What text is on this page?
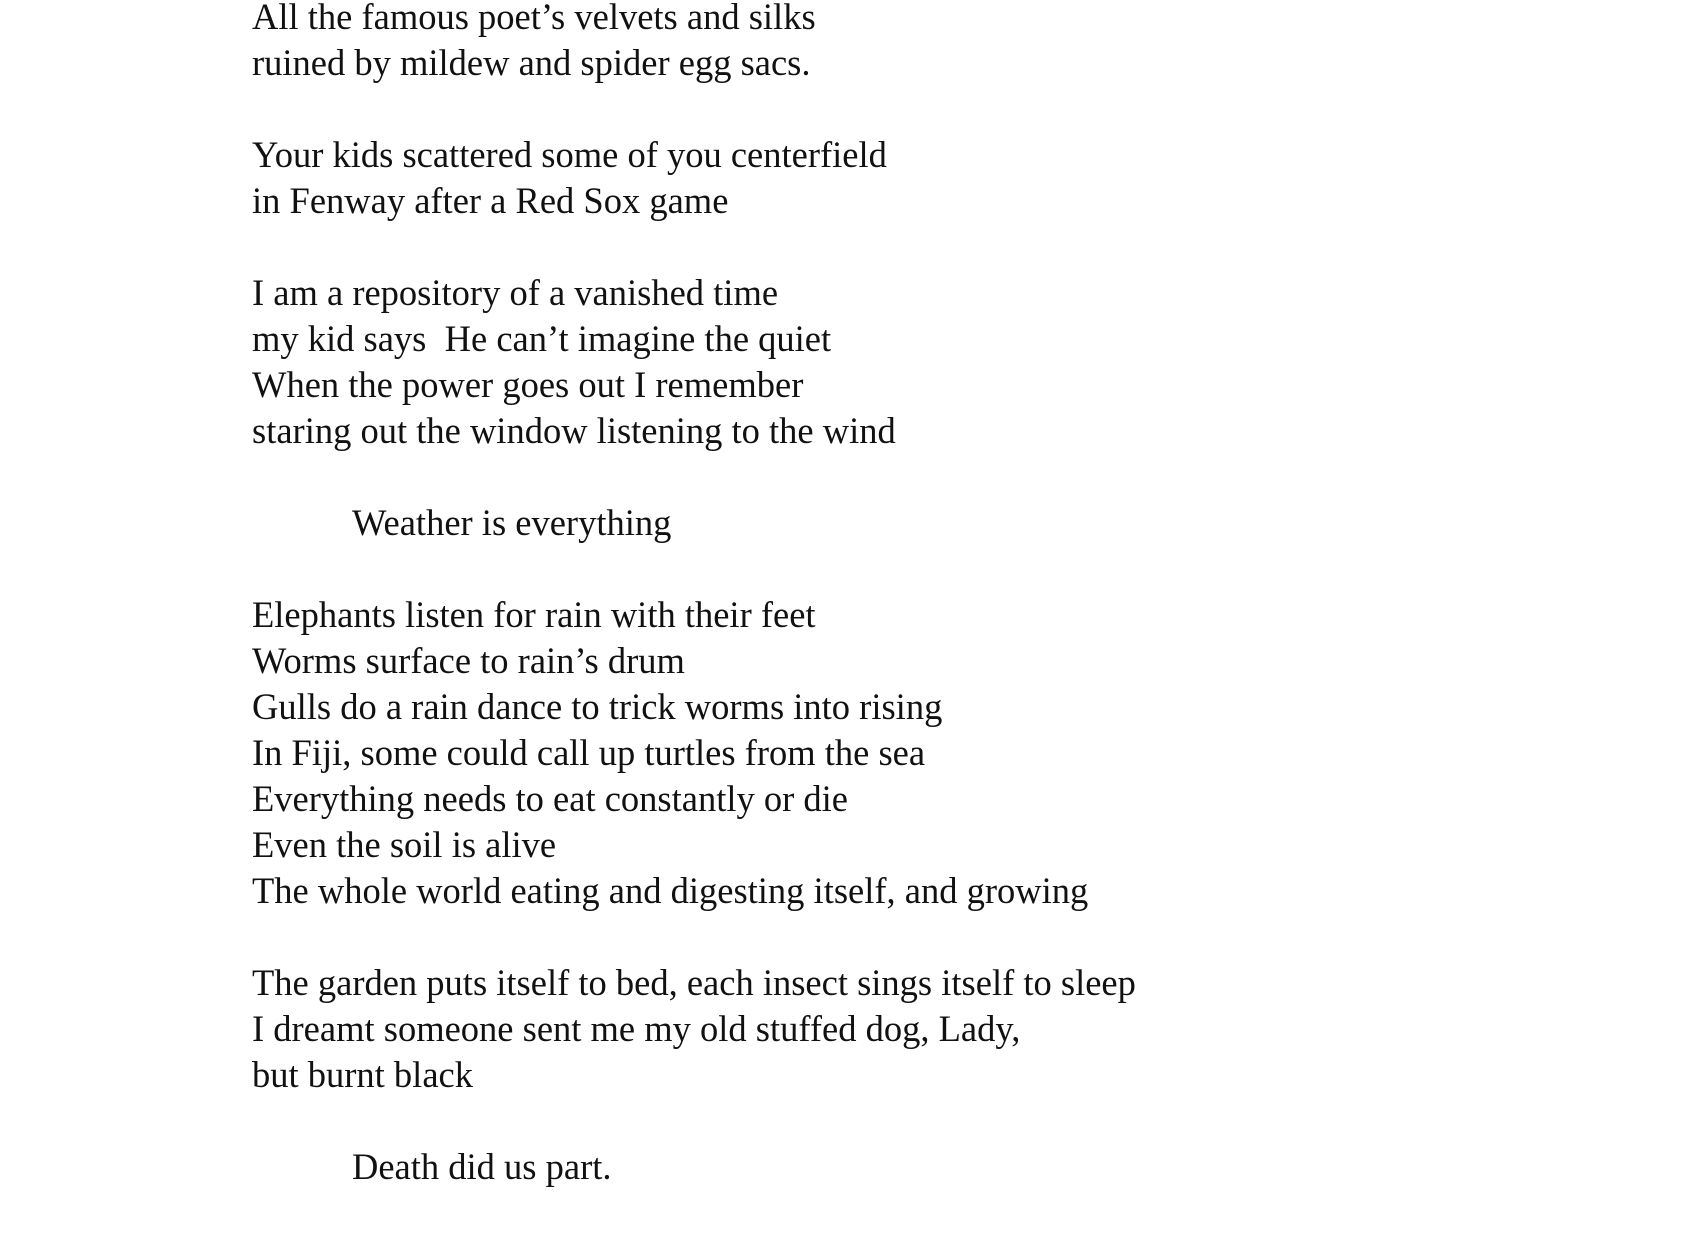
All the famous poet’s velvets and silks
ruined by mildew and spider egg sacs.
Your kids scattered some of you centerfield
in Fenway after a Red Sox game
I am a repository of a vanished time
my kid says  He can’t imagine the quiet
When the power goes out I remember
staring out the window listening to the wind
Weather is everything
Elephants listen for rain with their feet
Worms surface to rain’s drum
Gulls do a rain dance to trick worms into rising
In Fiji, some could call up turtles from the sea
Everything needs to eat constantly or die
Even the soil is alive
The whole world eating and digesting itself, and growing
The garden puts itself to bed, each insect sings itself to sleep
I dreamt someone sent me my old stuffed dog, Lady,
but burnt black
Death did us part.
